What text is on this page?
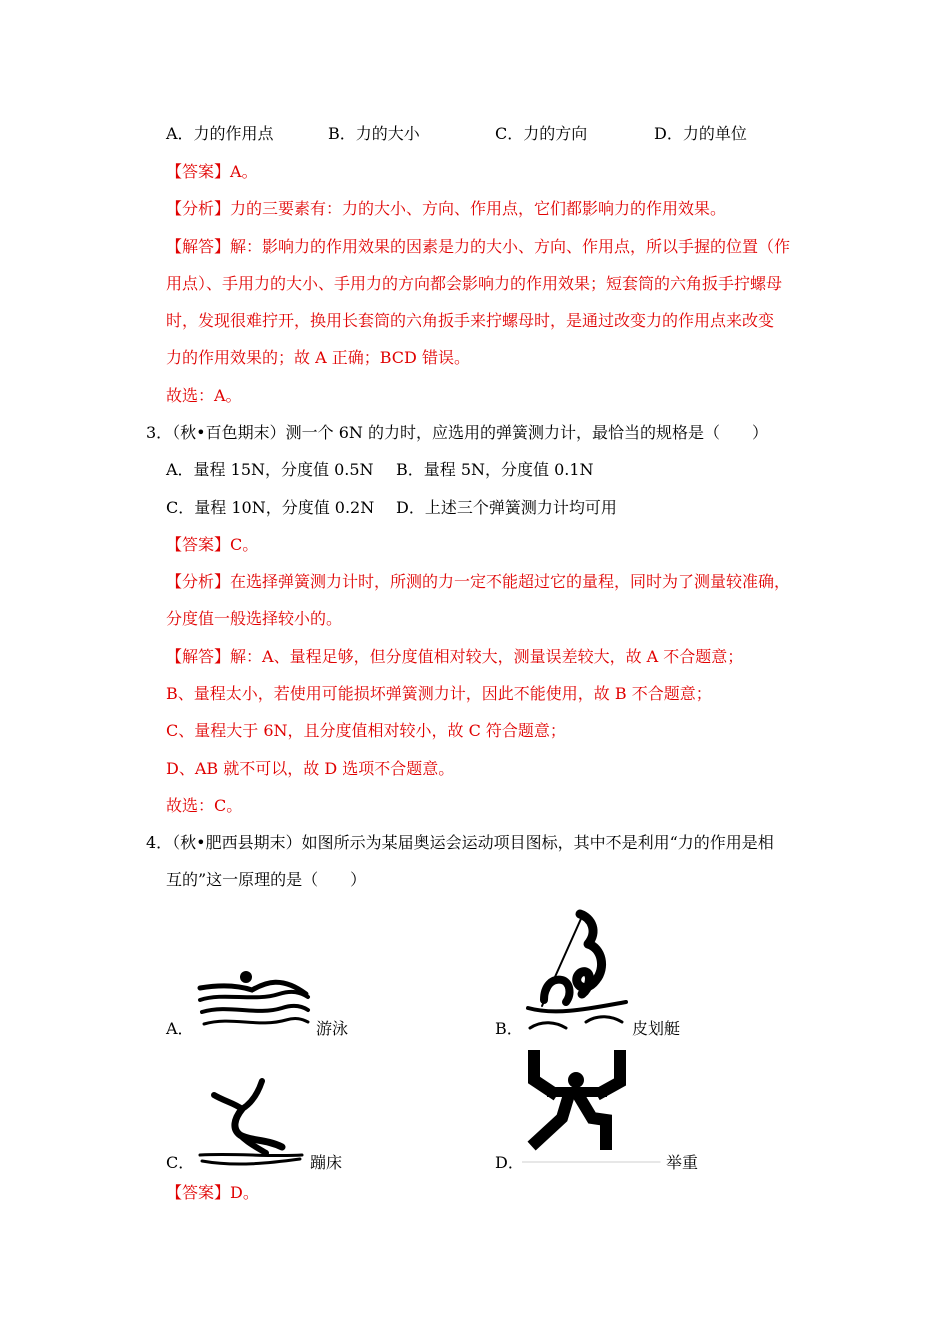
A．力的作用点	B．力的大小	C．力的方向	D．力的单位
【答案】A。
【分析】力的三要素有：力的大小、方向、作用点，它们都影响力的作用效果。
【解答】解：影响力的作用效果的因素是力的大小、方向、作用点，所以手握的位置（作
用点）、手用力的大小、手用力的方向都会影响力的作用效果；短套筒的六角扳手拧螺母
时，发现很难拧开，换用长套筒的六角扳手来拧螺母时，是通过改变力的作用点来改变
力的作用效果的；故 A 正确；BCD 错误。
故选：A。
3．（秋•百色期末）测一个 6N 的力时，应选用的弹簧测力计，最恰当的规格是（　　）
A．量程 15N，分度值 0.5N B．量程 5N，分度值 0.1N
C．量程 10N，分度值 0.2N D．上述三个弹簧测力计均可用
【答案】C。
【分析】在选择弹簧测力计时，所测的力一定不能超过它的量程，同时为了测量较准确，
分度值一般选择较小的。
【解答】解：A、量程足够，但分度值相对较大，测量误差较大，故 A 不合题意；
B、量程太小，若使用可能损坏弹簧测力计，因此不能使用，故 B 不合题意；
C、量程大于 6N，且分度值相对较小，故 C 符合题意；
D、AB 就不可以，故 D 选项不合题意。
故选：C。
4．（秋•肥西县期末）如图所示为某届奥运会运动项目图标，其中不是利用“力的作用是相
互的”这一原理的是（　　）
A．	游泳	B．	皮划艇
C．	蹦床	D．	举重
【答案】D。
